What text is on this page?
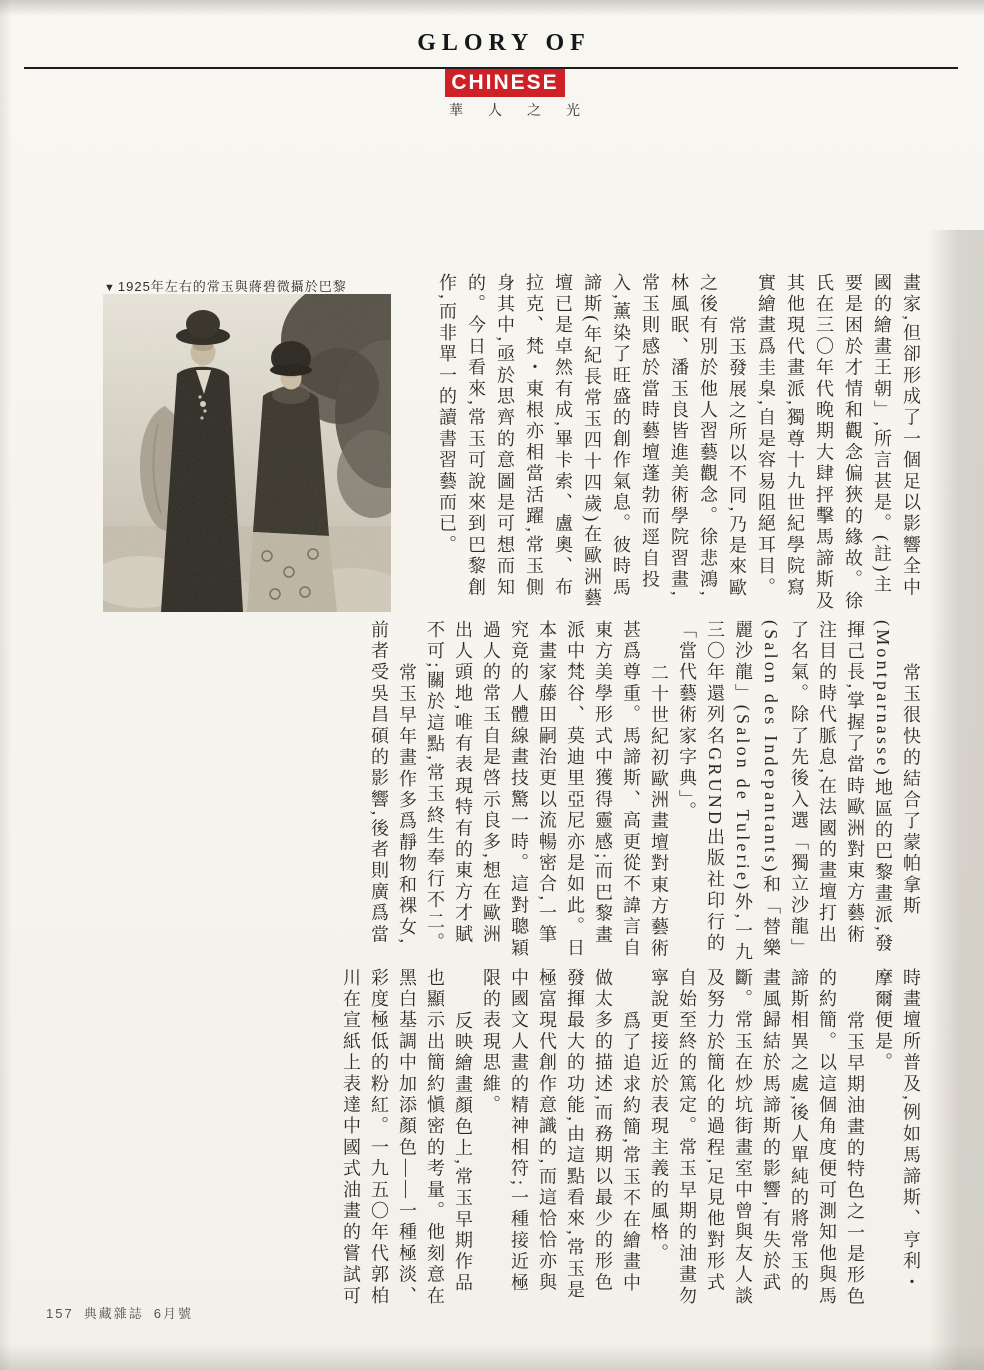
GLORY OF
CHINESE
華人之光
▼ 1925年左右的常玉與蔣碧微攝於巴黎	畫家,但卻形成了一個足以影響全中國的繪畫王朝」,所言甚是。(註)主要是困於才情和觀念偏狹的緣故。徐氏在三〇年代晚期大肆抨擊馬諦斯及其他現代畫派,獨尊十九世紀學院寫實繪畫爲圭臬,自是容易阻絕耳目。

常玉發展之所以不同,乃是來歐之後有別於他人習藝觀念。徐悲鴻,林風眠、潘玉良皆進美術學院習畫,常玉則感於當時藝壇蓬勃而逕自投入,薰染了旺盛的創作氣息。彼時馬諦斯(年紀長常玉四十四歲)在歐洲藝壇已是卓然有成,畢卡索、盧奧、布拉克、梵・東根亦相當活躍,常玉側身其中,亟於思齊的意圖是可想而知的。今日看來,常玉可說來到巴黎創作,而非單一的讀書習藝而已。

常玉很快的結合了蒙帕拿斯(Montparnasse)地區的巴黎畫派,發揮己長,掌握了當時歐洲對東方藝術注目的時代脈息,在法國的畫壇打出了名氣。除了先後入選「獨立沙龍」(Salon des Indepantants)和「替樂麗沙龍」(Salon de Tulerie)外,一九三〇年還列名GRUND出版社印行的「當代藝術家字典」。

二十世紀初歐洲畫壇對東方藝術甚爲尊重。馬諦斯、高更從不諱言自東方美學形式中獲得靈感;而巴黎畫派中梵谷、莫迪里亞尼亦是如此。日本畫家藤田嗣治更以流暢密合,一筆究竟的人體線畫技驚一時。這對聰穎過人的常玉自是啓示良多,想在歐洲出人頭地,唯有表現特有的東方才賦不可;關於這點,常玉終生奉行不二。

常玉早年畫作多爲靜物和裸女,前者受吳昌碩的影響,後者則廣爲當

時畫壇所普及,例如馬諦斯、亨利・摩爾便是。

常玉早期油畫的特色之一是形色的約簡。以這個角度便可測知他與馬諦斯相異之處,後人單純的將常玉的畫風歸結於馬諦斯的影響,有失於武斷。常玉在炒坑街畫室中曾與友人談及努力於簡化的過程,足見他對形式自始至終的篤定。常玉早期的油畫勿寧說更接近於表現主義的風格。

爲了追求約簡,常玉不在繪畫中做太多的描述,而務期以最少的形色發揮最大的功能,由這點看來,常玉是極富現代創作意識的,而這恰恰亦與中國文人畫的精神相符;一種接近極限的表現思維。

反映繪畫顏色上,常玉早期作品也顯示出簡約愼密的考量。他刻意在黑白基調中加添顏色——一種極淡、彩度極低的粉紅。一九五〇年代郭柏川在宣紙上表達中國式油畫的嘗試可

157 典藏雜誌 6月號
